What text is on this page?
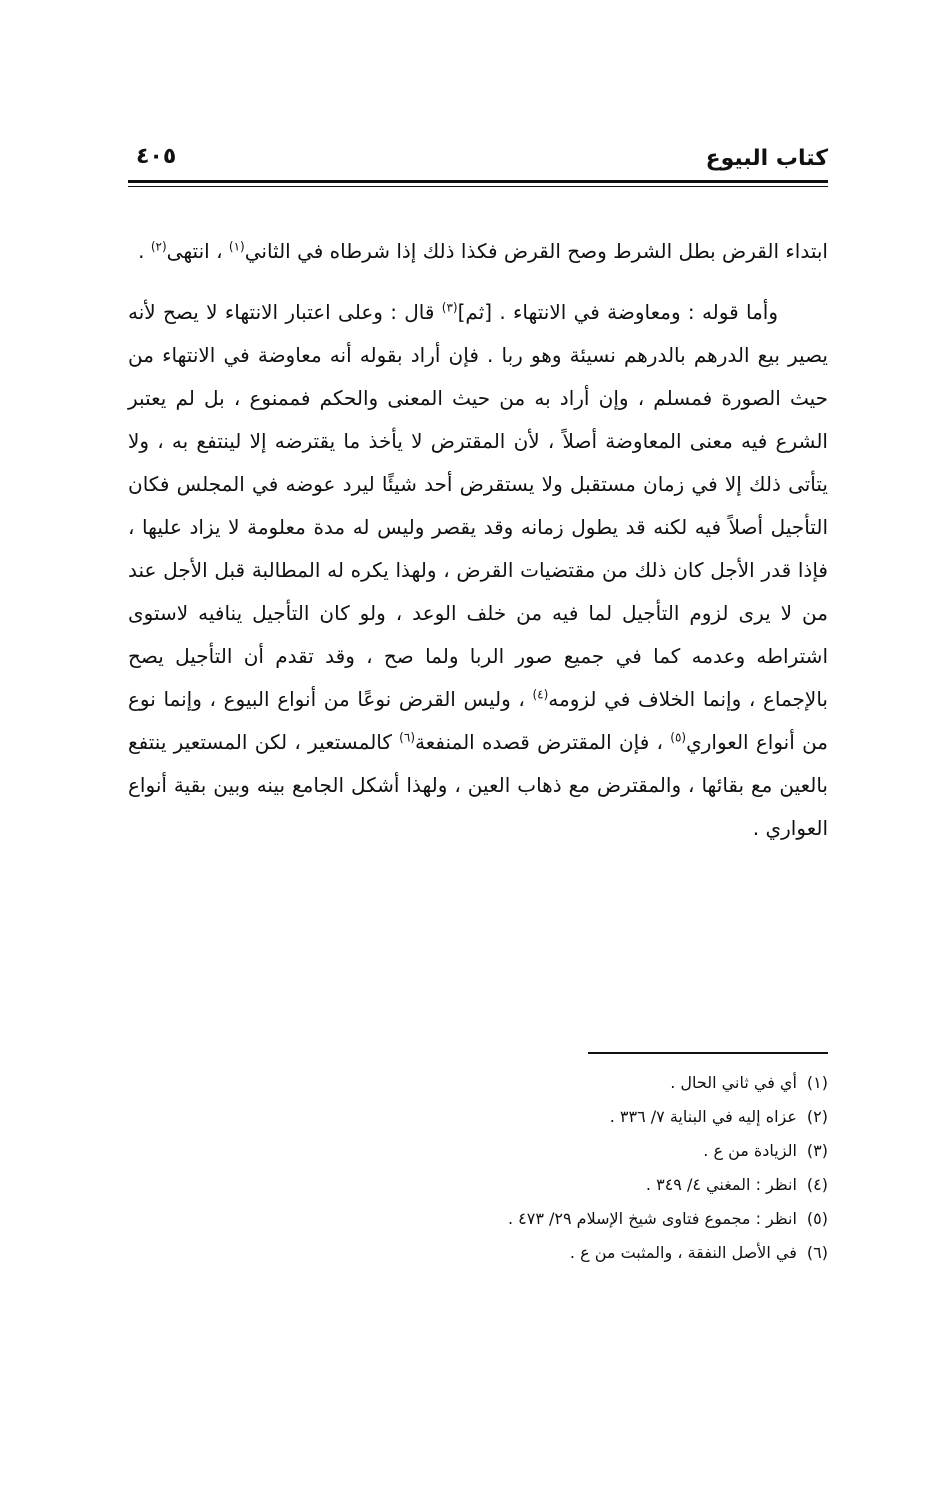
كتاب البيوع
٤٠٥

ابتداء القرض بطل الشرط وصح القرض فكذا ذلك إذا شرطاه في الثاني$^{(١)}$ ، انتهى$^{(٢)}$ .

وأما قوله : ومعاوضة في الانتهاء . [ثم]$^{(٣)}$ قال : وعلى اعتبار الانتهاء لا يصح لأنه يصير بيع الدرهم بالدرهم نسيئة وهو ربا . فإن أراد بقوله أنه معاوضة في الانتهاء من حيث الصورة فمسلم ، وإن أراد به من حيث المعنى والحكم فممنوع ، بل لم يعتبر الشرع فيه معنى المعاوضة أصلاً ، لأن المقترض لا يأخذ ما يقترضه إلا لينتفع به ، ولا يتأتى ذلك إلا في زمان مستقبل ولا يستقرض أحد شيئًا ليرد عوضه في المجلس فكان التأجيل أصلاً فيه لكنه قد يطول زمانه وقد يقصر وليس له مدة معلومة لا يزاد عليها ، فإذا قدر الأجل كان ذلك من مقتضيات القرض ، ولهذا يكره له المطالبة قبل الأجل عند من لا يرى لزوم التأجيل لما فيه من خلف الوعد ، ولو كان التأجيل ينافيه لاستوى اشتراطه وعدمه كما في جميع صور الربا ولما صح ، وقد تقدم أن التأجيل يصح بالإجماع ، وإنما الخلاف في لزومه$^{(٤)}$ ، وليس القرض نوعًا من أنواع البيوع ، وإنما نوع من أنواع العواري$^{(٥)}$ ، فإن المقترض قصده المنفعة$^{(٦)}$ كالمستعير ، لكن المستعير ينتفع بالعين مع بقائها ، والمقترض مع ذهاب العين ، ولهذا أشكل الجامع بينه وبين بقية أنواع العواري .

(١)أي في ثاني الحال .
(٢)عزاه إليه في البناية ٧/ ٣٣٦ .
(٣)الزيادة من ع .
(٤)انظر : المغني ٤/ ٣٤٩ .
(٥)انظر : مجموع فتاوى شيخ الإسلام ٢٩/ ٤٧٣ .
(٦)في الأصل النفقة ، والمثبت من ع .
